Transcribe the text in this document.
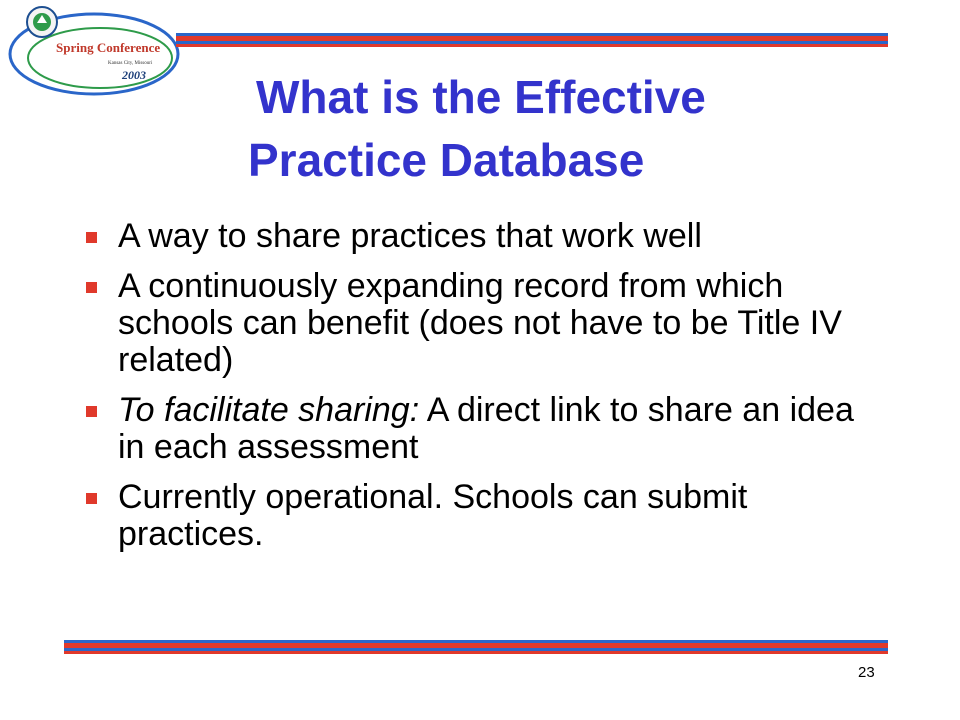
Spring Conference
Kansas City, Missouri
2003 What is the Effective
Practice Database
A way to share practices that work well
A continuously expanding record from which schools can benefit (does not have to be Title IV related)
To facilitate sharing: A direct link to share an idea in each assessment
Currently operational. Schools can submit practices.
23
